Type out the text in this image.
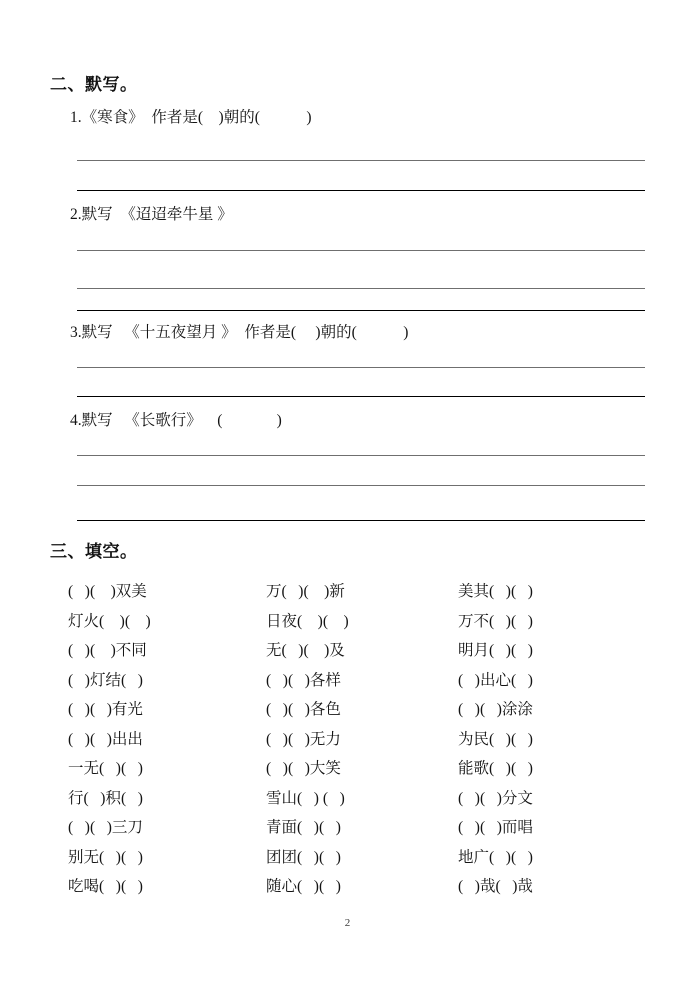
二、默写。
1.《寒食》  作者是(    )朝的(            )
2.默写  《迢迢牵牛星 》
3.默写   《十五夜望月 》  作者是(     )朝的(            )
4.默写   《长歌行》    (              )
三、填空。
(   )(    )双美	万(   )(    )新	美其(   )(   )
灯火(    )(    )	日夜(    )(    )	万不(   )(   )
(   )(    )不同	无(   )(    )及	明月(   )(   )
(   )灯结(   )	(   )(   )各样	(   )出心(   )
(   )(   )有光	(   )(   )各色	(   )(   )涂涂
(   )(   )出出	(   )(   )无力	为民(   )(   )
一无(   )(   )	(   )(   )大笑	能歌(   )(   )
行(   )积(   )	雪山(   ) (   )	(   )(   )分文
(   )(   )三刀	青面(   )(   )	(   )(   )而唱
别无(   )(   )	团团(   )(   )	地广(   )(   )
吃喝(   )(   )	随心(   )(   )	(   )哉(   )哉
2
